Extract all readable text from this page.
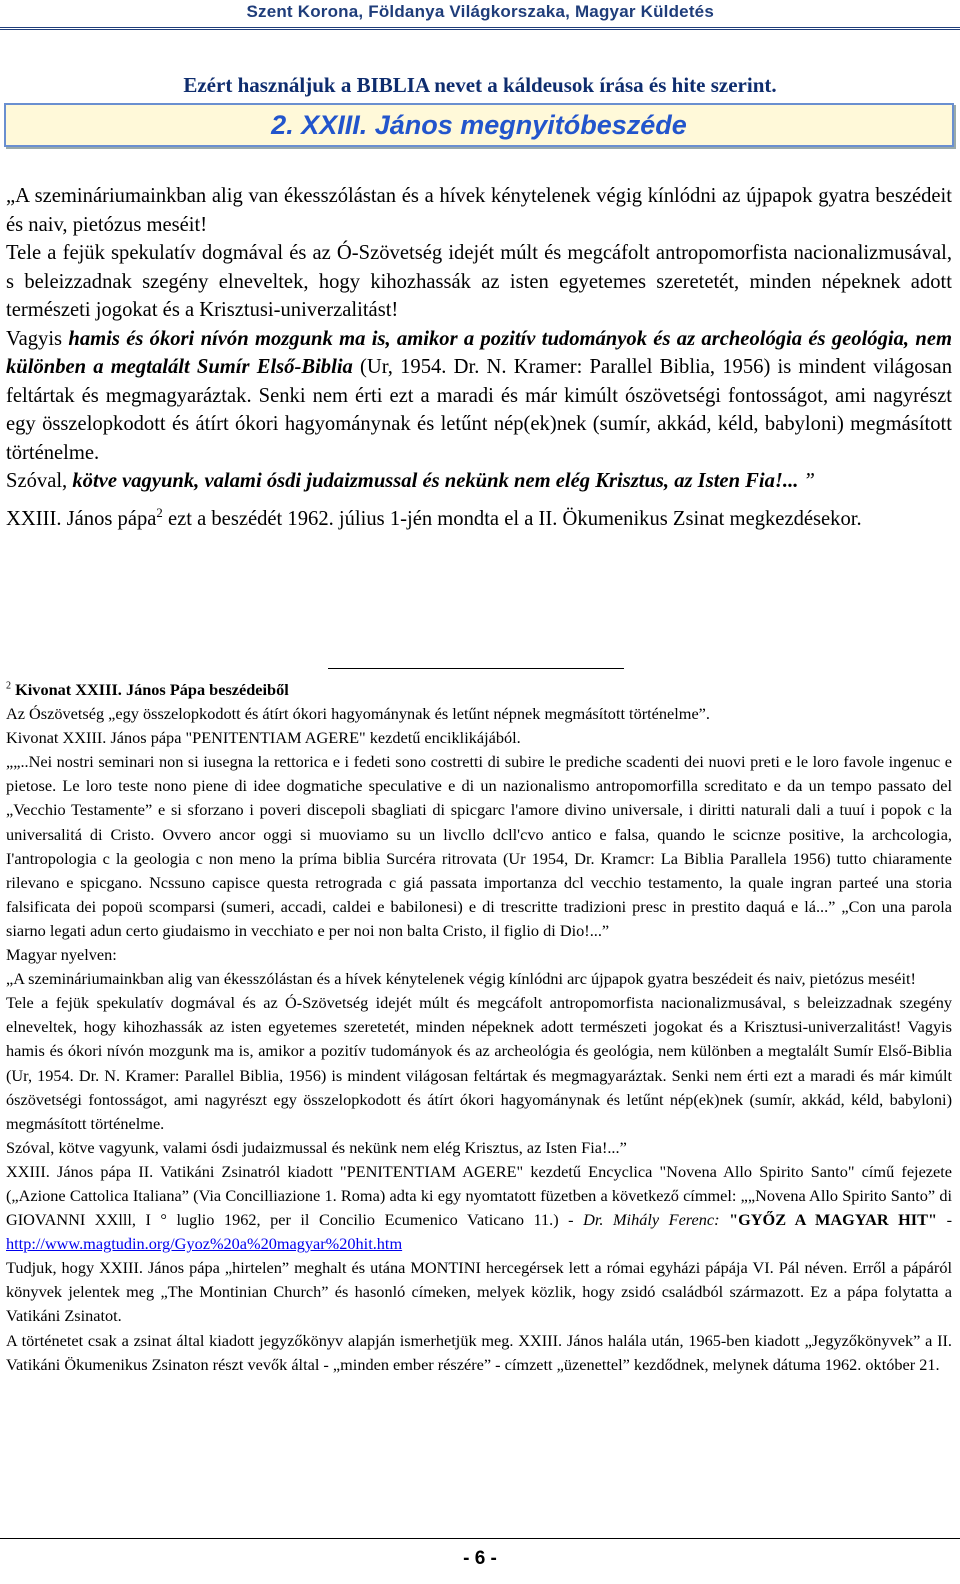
Szent Korona, Földanya Világkorszaka, Magyar Küldetés
Ezért használjuk a BIBLIA nevet a káldeusok írása és hite szerint.
2. XXIII. János megnyitóbeszéde

„A szemináriumainkban alig van ékesszólástan és a hívek kénytelenek végig kínlódni az újpapok gyatra beszédeit és naiv, pietózus meséit!

Tele a fejük spekulatív dogmával és az Ó-Szövetség idejét múlt és megcáfolt antropomorfista nacionalizmusával, s beleizzadnak szegény elneveltek, hogy kihozhassák az isten egyetemes szeretetét, minden népeknek adott természeti jogokat és a Krisztusi-univerzalitást!

Vagyis hamis és ókori nívón mozgunk ma is, amikor a pozitív tudományok és az archeológia és geológia, nem különben a megtalált Sumír Első-Biblia (Ur, 1954. Dr. N. Kramer: Parallel Biblia, 1956) is mindent világosan feltártak és megmagyaráztak. Senki nem érti ezt a maradi és már kimúlt ószövetségi fontosságot, ami nagyrészt egy összelopkodott és átírt ókori hagyománynak és letűnt nép(ek)nek (sumír, akkád, kéld, babyloni) megmásított történelme.

Szóval, kötve vagyunk, valami ósdi judaizmussal és nekünk nem elég Krisztus, az Isten Fia!... ”

XXIII. János pápa$^2$ ezt a beszédét 1962. július 1-jén mondta el a II. Ökumenikus Zsinat megkezdésekor.

$^2$ Kivonat XXIII. János Pápa beszédeiből

Az Ószövetség „egy összelopkodott és átírt ókori hagyománynak és letűnt népnek megmásított történelme”.

Kivonat XXIII. János pápa "PENITENTIAM AGERE" kezdetű enciklikájából.

„„..Nei nostri seminari non si iusegna la rettorica e i fedeti sono costretti di subire le prediche scadenti dei nuovi preti e le loro favole ingenuc e pietose. Le loro teste nono piene di idee dogmatiche speculative e di un nazionalismo antropomorfilla screditato e da un tempo passato del „Vecchio Testamente” e si sforzano i poveri discepoli sbagliati di spicgarc l'amore divino universale, i diritti naturali dali a tuuí i popok c la universalitá di Cristo. Ovvero ancor oggi si muoviamo su un livcllo dcll'cvo antico e falsa, quando le scicnze positive, la archcologia, I'antropologia c la geologia c non meno la príma biblia Surcéra ritrovata (Ur 1954, Dr. Kramcr: La Biblia Parallela 1956) tutto chiaramente rilevano e spicgano. Ncssuno capisce questa retrograda c giá passata importanza dcl vecchio testamento, la quale ingran parteé una storia falsificata dei popoü scomparsi (sumeri, accadi, caldei e babilonesi) e di trescritte tradizioni presc in prestito daquá e lá...” „Con una parola siarno legati adun certo giudaismo in vecchiato e per noi non balta Cristo, il figlio di Dio!...”

Magyar nyelven:

„A szemináriumainkban alig van ékesszólástan és a hívek kénytelenek végig kínlódni arc újpapok gyatra beszédeit és naiv, pietózus meséit!

Tele a fejük spekulatív dogmával és az Ó-Szövetség idejét múlt és megcáfolt antropomorfista nacionalizmusával, s beleizzadnak szegény elneveltek, hogy kihozhassák az isten egyetemes szeretetét, minden népeknek adott természeti jogokat és a Krisztusi-univerzalitást! Vagyis hamis és ókori nívón mozgunk ma is, amikor a pozitív tudományok és az archeológia és geológia, nem különben a megtalált Sumír Első-Biblia (Ur, 1954. Dr. N. Kramer: Parallel Biblia, 1956) is mindent világosan feltártak és megmagyaráztak. Senki nem érti ezt a maradi és már kimúlt ószövetségi fontosságot, ami nagyrészt egy összelopkodott és átírt ókori hagyománynak és letűnt nép(ek)nek (sumír, akkád, kéld, babyloni) megmásított történelme.

Szóval, kötve vagyunk, valami ósdi judaizmussal és nekünk nem elég Krisztus, az Isten Fia!...”

XXIII. János pápa II. Vatikáni Zsinatról kiadott "PENITENTIAM AGERE" kezdetű Encyclica "Novena Allo Spirito Santo" című fejezete („Azione Cattolica Italiana” (Via Concilliazione 1. Roma) adta ki egy nyomtatott füzetben a következő címmel: „„Novena Allo Spirito Santo” di GIOVANNI XXlll, I ° luglio 1962, per il Concilio Ecumenico Vaticano 11.) - Dr. Mihály Ferenc: "GYŐZ A MAGYAR HIT" - http://www.magtudin.org/Gyoz%20a%20magyar%20hit.htm

Tudjuk, hogy XXIII. János pápa „hirtelen” meghalt és utána MONTINI hercegérsek lett a római egyházi pápája VI. Pál néven. Erről a pápáról könyvek jelentek meg „The Montinian Church” és hasonló címeken, melyek közlik, hogy zsidó családból származott. Ez a pápa folytatta a Vatikáni Zsinatot.

A történetet csak a zsinat által kiadott jegyzőkönyv alapján ismerhetjük meg. XXIII. János halála után, 1965-ben kiadott „Jegyzőkönyvek” a II. Vatikáni Ökumenikus Zsinaton részt vevők által - „minden ember részére” - címzett „üzenettel” kezdődnek, melynek dátuma 1962. október 21.

- 6 -
